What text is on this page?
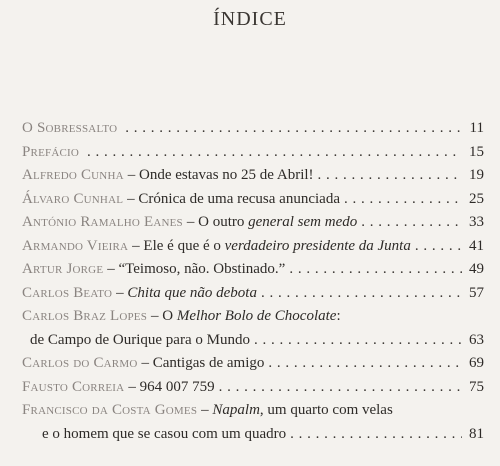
ÍNDICE
O Sobressalto . . .	11
Prefácio . . .	15
Alfredo Cunha – Onde estavas no 25 de Abril! . . .	19
Álvaro Cunhal – Crónica de uma recusa anunciada . . .	25
António Ramalho Eanes – O outro general sem medo . . .	33
Armando Vieira – Ele é que é o verdadeiro presidente da Junta . . .	41
Artur Jorge – “Teimoso, não. Obstinado.” . . .	49
Carlos Beato – Chita que não debota . . .	57
Carlos Braz Lopes – O Melhor Bolo de Chocolate:
de Campo de Ourique para o Mundo . . .	63
Carlos do Carmo – Cantigas de amigo . . .	69
Fausto Correia – 964 007 759 . . .	75
Francisco da Costa Gomes – Napalm, um quarto com velas
e o homem que se casou com um quadro . . .	81
